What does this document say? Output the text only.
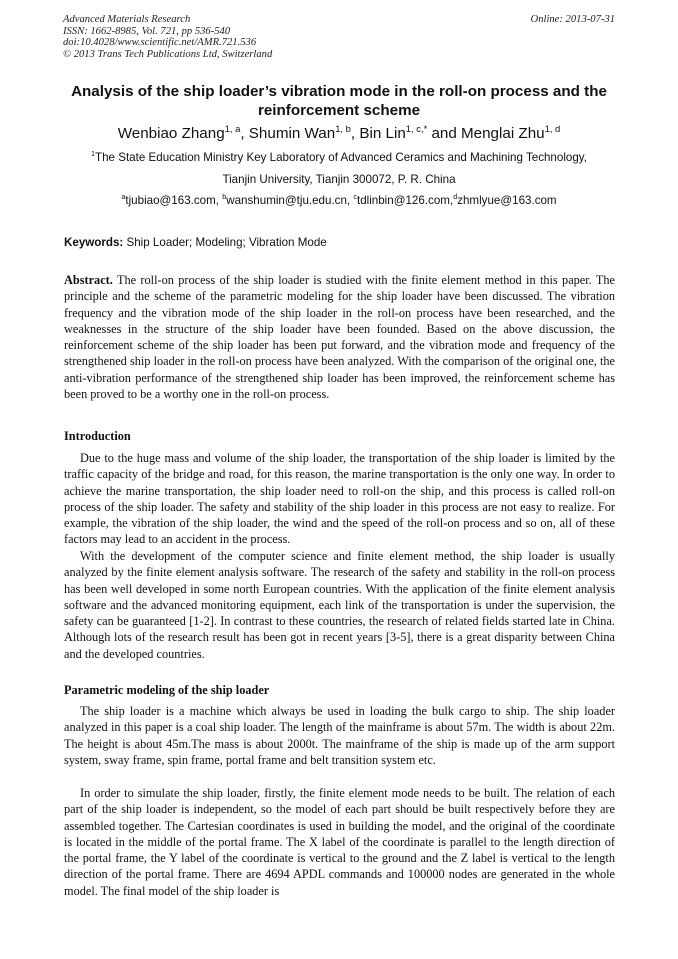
Advanced Materials Research
ISSN: 1662-8985, Vol. 721, pp 536-540
doi:10.4028/www.scientific.net/AMR.721.536
© 2013 Trans Tech Publications Ltd, Switzerland
Online: 2013-07-31
Analysis of the ship loader’s vibration mode in the roll-on process and the reinforcement scheme
Wenbiao Zhang$^{1, a}$, Shumin Wan$^{1, b}$, Bin Lin$^{1, c,*}$ and Menglai Zhu$^{1, d}$
$^1$The State Education Ministry Key Laboratory of Advanced Ceramics and Machining Technology,
Tianjin University, Tianjin 300072, P. R. China
$^a$tjubiao@163.com, $^b$wanshumin@tju.edu.cn, $^c$tdlinbin@126.com,$^d$zhmlyue@163.com
Keywords: Ship Loader; Modeling; Vibration Mode
Abstract. The roll-on process of the ship loader is studied with the finite element method in this paper. The principle and the scheme of the parametric modeling for the ship loader have been discussed. The vibration frequency and the vibration mode of the ship loader in the roll-on process have been researched, and the weaknesses in the structure of the ship loader have been founded. Based on the above discussion, the reinforcement scheme of the ship loader has been put forward, and the vibration mode and frequency of the strengthened ship loader in the roll-on process have been analyzed. With the comparison of the original one, the anti-vibration performance of the strengthened ship loader has been improved, the reinforcement scheme has been proved to be a worthy one in the roll-on process.
Introduction

Due to the huge mass and volume of the ship loader, the transportation of the ship loader is limited by the traffic capacity of the bridge and road, for this reason, the marine transportation is the only one way. In order to achieve the marine transportation, the ship loader need to roll-on the ship, and this process is called roll-on process of the ship loader. The safety and stability of the ship loader in this process are not easy to realize. For example, the vibration of the ship loader, the wind and the speed of the roll-on process and so on, all of these factors may lead to an accident in the process.

With the development of the computer science and finite element method, the ship loader is usually analyzed by the finite element analysis software. The research of the safety and stability in the roll-on process has been well developed in some north European countries. With the application of the finite element analysis software and the advanced monitoring equipment, each link of the transportation is under the supervision, the safety can be guaranteed [1-2]. In contrast to these countries, the research of related fields started late in China. Although lots of the research result has been got in recent years [3-5], there is a great disparity between China and the developed countries.

Parametric modeling of the ship loader

The ship loader is a machine which always be used in loading the bulk cargo to ship. The ship loader analyzed in this paper is a coal ship loader. The length of the mainframe is about 57m. The width is about 22m. The height is about 45m.The mass is about 2000t. The mainframe of the ship is made up of the arm support system, sway frame, spin frame, portal frame and belt transition system etc.

In order to simulate the ship loader, firstly, the finite element mode needs to be built. The relation of each part of the ship loader is independent, so the model of each part should be built respectively before they are assembled together. The Cartesian coordinates is used in building the model, and the original of the coordinate is located in the middle of the portal frame. The X label of the coordinate is parallel to the length direction of the portal frame, the Y label of the coordinate is vertical to the ground and the Z label is vertical to the length direction of the portal frame. There are 4694 APDL commands and 100000 nodes are generated in the whole model. The final model of the ship loader is
